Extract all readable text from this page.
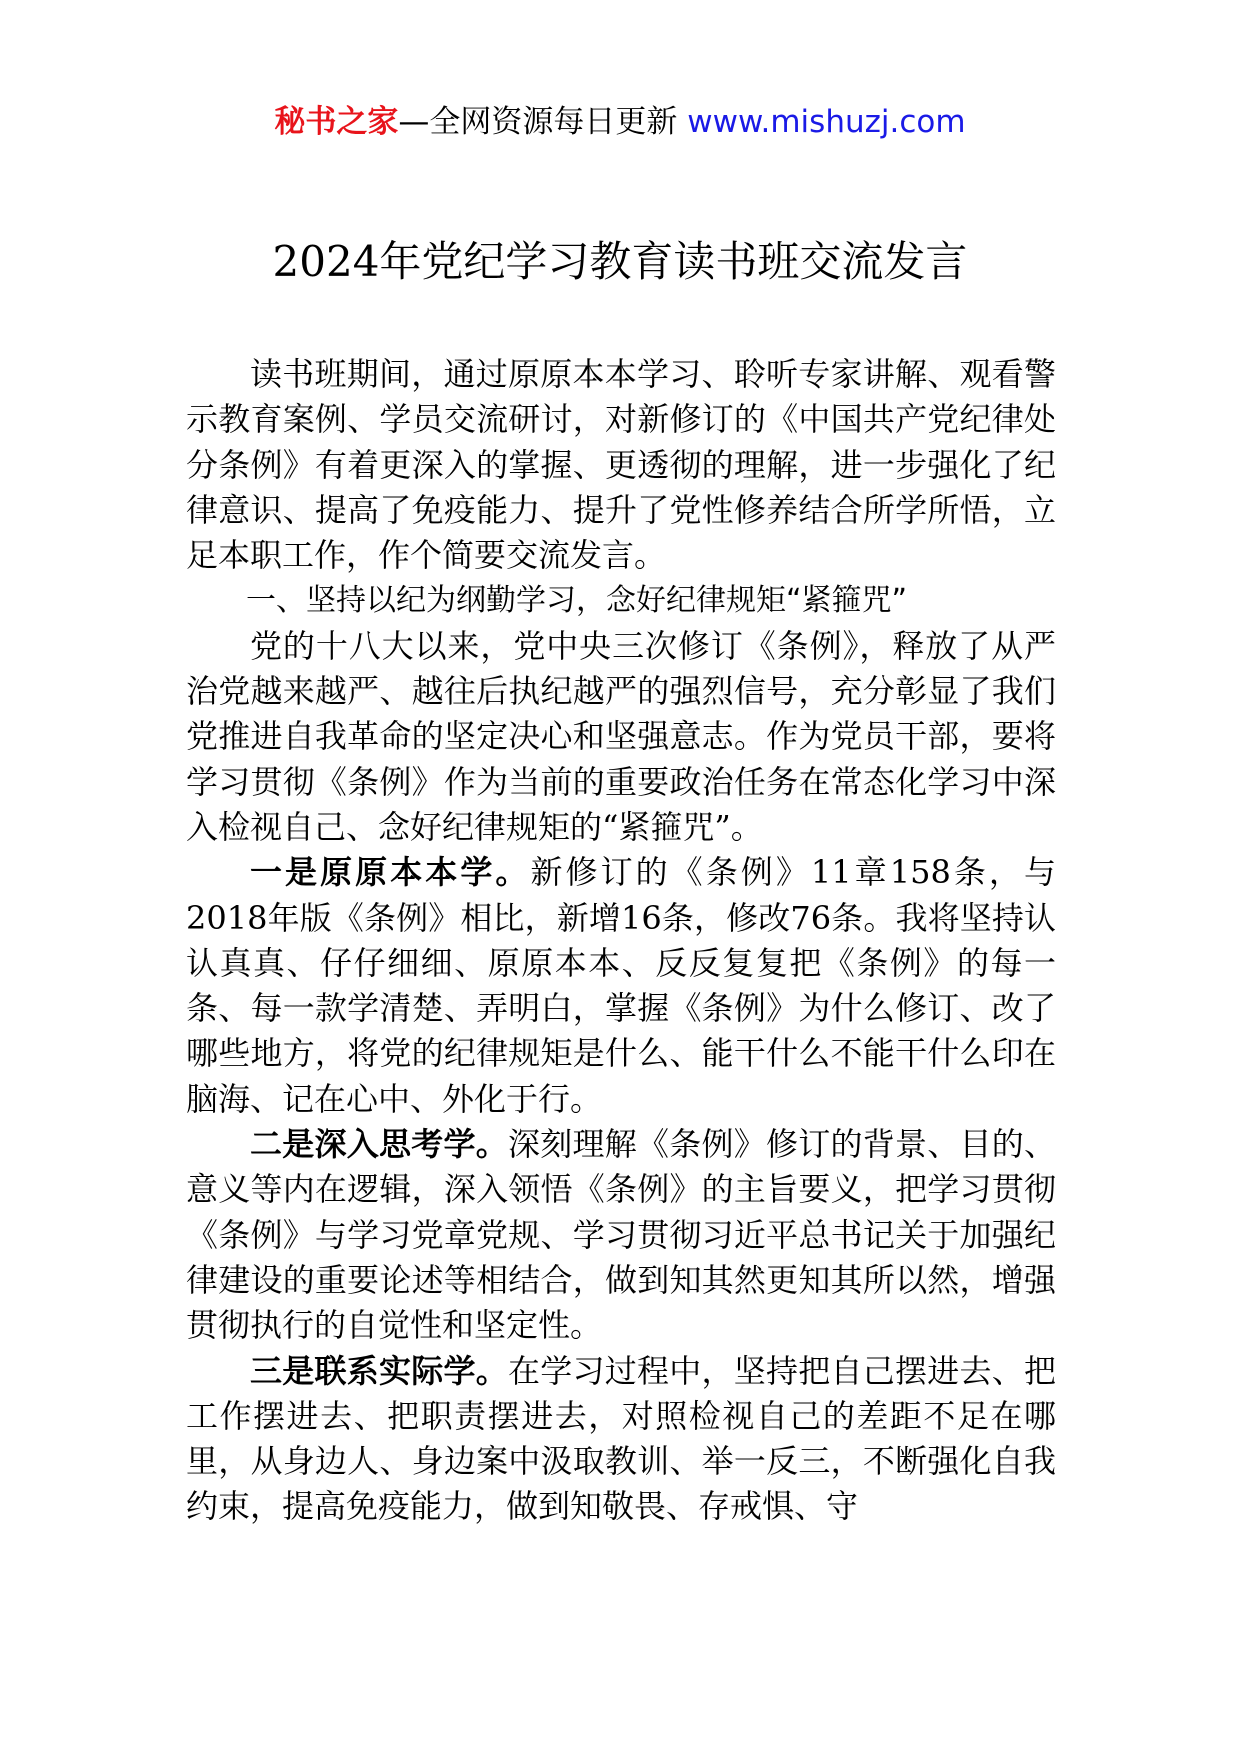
秘书之家—全网资源每日更新 www.mishuzj.com
2024年党纪学习教育读书班交流发言

读书班期间，通过原原本本学习、聆听专家讲解、观看警示教育案例、学员交流研讨，对新修订的《中国共产党纪律处分条例》有着更深入的掌握、更透彻的理解，进一步强化了纪律意识、提高了免疫能力、提升了党性修养结合所学所悟，立足本职工作，作个简要交流发言。

一、坚持以纪为纲勤学习，念好纪律规矩“紧箍咒”

党的十八大以来，党中央三次修订《条例》，释放了从严治党越来越严、越往后执纪越严的强烈信号，充分彰显了我们党推进自我革命的坚定决心和坚强意志。作为党员干部，要将学习贯彻《条例》作为当前的重要政治任务在常态化学习中深入检视自己、念好纪律规矩的“紧箍咒”。

一是原原本本学。新修订的《条例》11章158条，与2018年版《条例》相比，新增16条，修改76条。我将坚持认认真真、仔仔细细、原原本本、反反复复把《条例》的每一条、每一款学清楚、弄明白，掌握《条例》为什么修订、改了哪些地方，将党的纪律规矩是什么、能干什么不能干什么印在脑海、记在心中、外化于行。

二是深入思考学。深刻理解《条例》修订的背景、目的、意义等内在逻辑，深入领悟《条例》的主旨要义，把学习贯彻《条例》与学习党章党规、学习贯彻习近平总书记关于加强纪律建设的重要论述等相结合，做到知其然更知其所以然，增强贯彻执行的自觉性和坚定性。

三是联系实际学。在学习过程中，坚持把自己摆进去、把工作摆进去、把职责摆进去，对照检视自己的差距不足在哪里，从身边人、身边案中汲取教训、举一反三，不断强化自我约束，提高免疫能力，做到知敬畏、存戒惧、守
